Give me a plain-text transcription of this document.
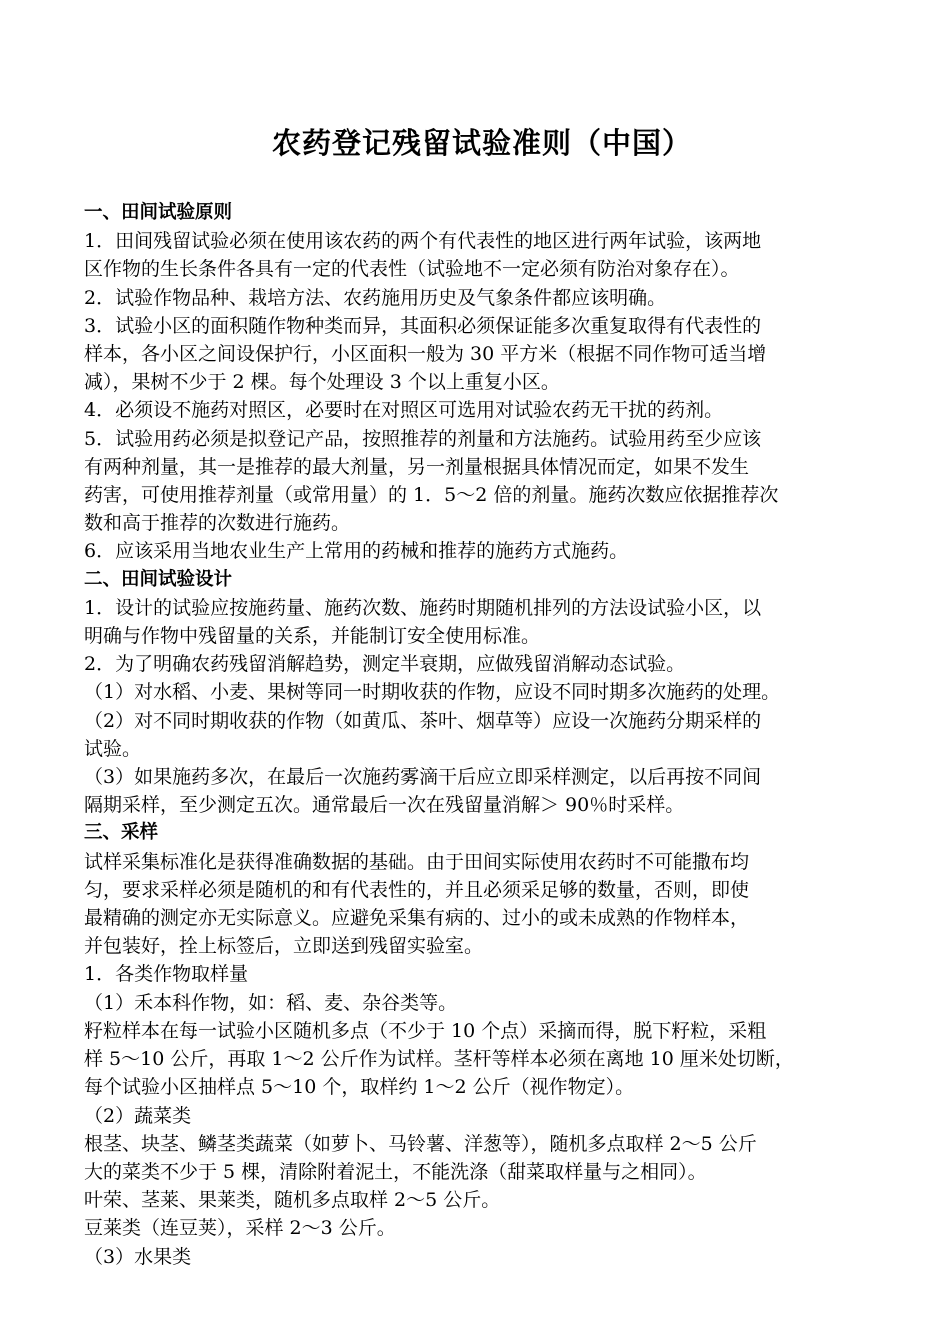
农药登记残留试验准则（中国）
一、田间试验原则
1．田间残留试验必须在使用该农药的两个有代表性的地区进行两年试验，该两地
区作物的生长条件各具有一定的代表性（试验地不一定必须有防治对象存在）。
2．试验作物品种、栽培方法、农药施用历史及气象条件都应该明确。
3．试验小区的面积随作物种类而异，其面积必须保证能多次重复取得有代表性的
样本，各小区之间设保护行，小区面积一般为 30 平方米（根据不同作物可适当增
减），果树不少于 2 棵。每个处理设 3 个以上重复小区。
4．必须设不施药对照区，必要时在对照区可选用对试验农药无干扰的药剂。
5．试验用药必须是拟登记产品，按照推荐的剂量和方法施药。试验用药至少应该
有两种剂量，其一是推荐的最大剂量，另一剂量根据具体情况而定，如果不发生
药害，可使用推荐剂量（或常用量）的 1．5～2 倍的剂量。施药次数应依据推荐次
数和高于推荐的次数进行施药。
6．应该采用当地农业生产上常用的药械和推荐的施药方式施药。
二、田间试验设计
1．设计的试验应按施药量、施药次数、施药时期随机排列的方法设试验小区，以
明确与作物中残留量的关系，并能制订安全使用标准。
2．为了明确农药残留消解趋势，测定半衰期，应做残留消解动态试验。
（1）对水稻、小麦、果树等同一时期收获的作物，应设不同时期多次施药的处理。
（2）对不同时期收获的作物（如黄瓜、茶叶、烟草等）应设一次施药分期采样的
试验。
（3）如果施药多次，在最后一次施药雾滴干后应立即采样测定，以后再按不同间
隔期采样，至少测定五次。通常最后一次在残留量消解＞ 90％时采样。
三、采样
试样采集标准化是获得准确数据的基础。由于田间实际使用农药时不可能撒布均
匀，要求采样必须是随机的和有代表性的，并且必须采足够的数量，否则，即使
最精确的测定亦无实际意义。应避免采集有病的、过小的或未成熟的作物样本，
并包装好，拴上标签后，立即送到残留实验室。
1．各类作物取样量
（1）禾本科作物，如：稻、麦、杂谷类等。
籽粒样本在每一试验小区随机多点（不少于 10 个点）采摘而得，脱下籽粒，采粗
样 5～10 公斤，再取 1～2 公斤作为试样。茎杆等样本必须在离地 10 厘米处切断，
每个试验小区抽样点 5～10 个，取样约 1～2 公斤（视作物定）。
（2）蔬菜类
根茎、块茎、鳞茎类蔬菜（如萝卜、马铃薯、洋葱等），随机多点取样 2～5 公斤
大的菜类不少于 5 棵，清除附着泥土，不能洗涤（甜菜取样量与之相同）。
叶荣、茎莱、果莱类，随机多点取样 2～5 公斤。
豆莱类（连豆荚），采样 2～3 公斤。
（3）水果类
